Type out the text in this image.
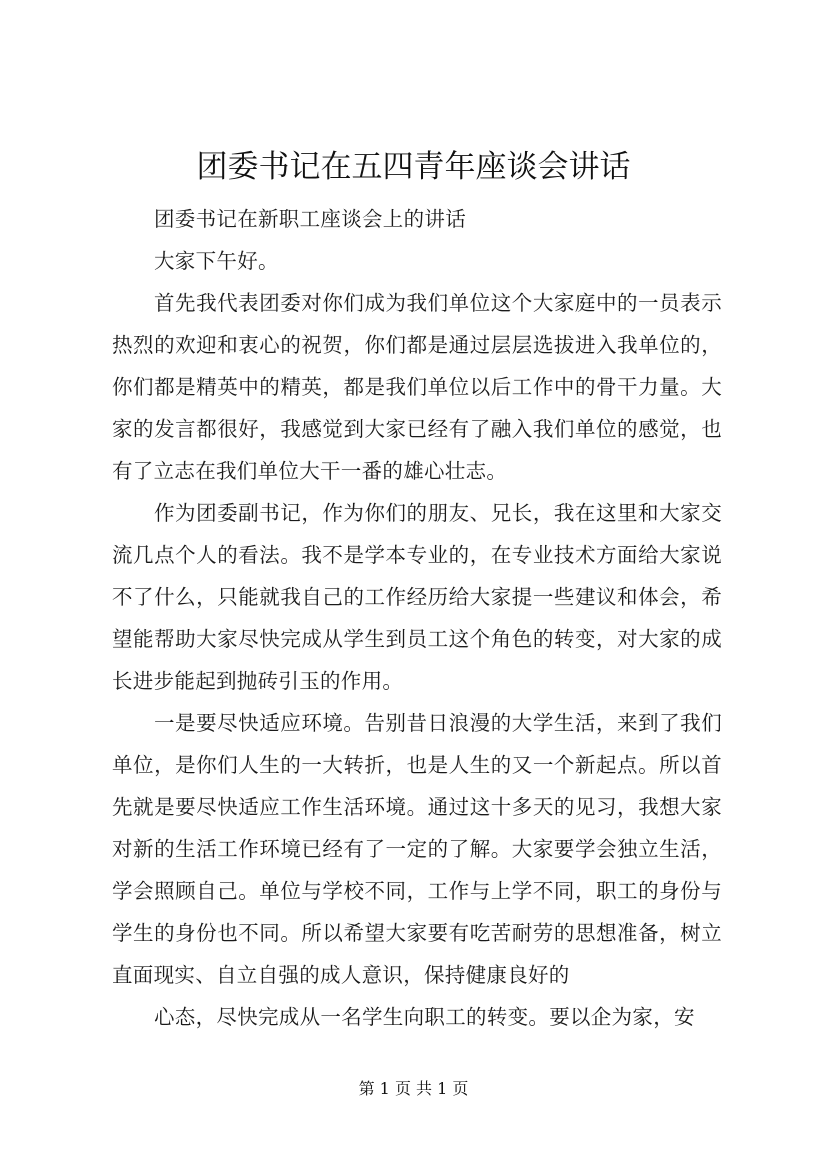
团委书记在五四青年座谈会讲话

团委书记在新职工座谈会上的讲话

大家下午好。

首先我代表团委对你们成为我们单位这个大家庭中的一员表示热烈的欢迎和衷心的祝贺，你们都是通过层层选拔进入我单位的，你们都是精英中的精英，都是我们单位以后工作中的骨干力量。大家的发言都很好，我感觉到大家已经有了融入我们单位的感觉，也有了立志在我们单位大干一番的雄心壮志。

作为团委副书记，作为你们的朋友、兄长，我在这里和大家交流几点个人的看法。我不是学本专业的，在专业技术方面给大家说不了什么，只能就我自己的工作经历给大家提一些建议和体会，希望能帮助大家尽快完成从学生到员工这个角色的转变，对大家的成长进步能起到抛砖引玉的作用。

一是要尽快适应环境。告别昔日浪漫的大学生活，来到了我们单位，是你们人生的一大转折，也是人生的又一个新起点。所以首先就是要尽快适应工作生活环境。通过这十多天的见习，我想大家对新的生活工作环境已经有了一定的了解。大家要学会独立生活，学会照顾自己。单位与学校不同，工作与上学不同，职工的身份与学生的身份也不同。所以希望大家要有吃苦耐劳的思想准备，树立直面现实、自立自强的成人意识，保持健康良好的

心态，尽快完成从一名学生向职工的转变。要以企为家，安

第 1 页 共 1 页
